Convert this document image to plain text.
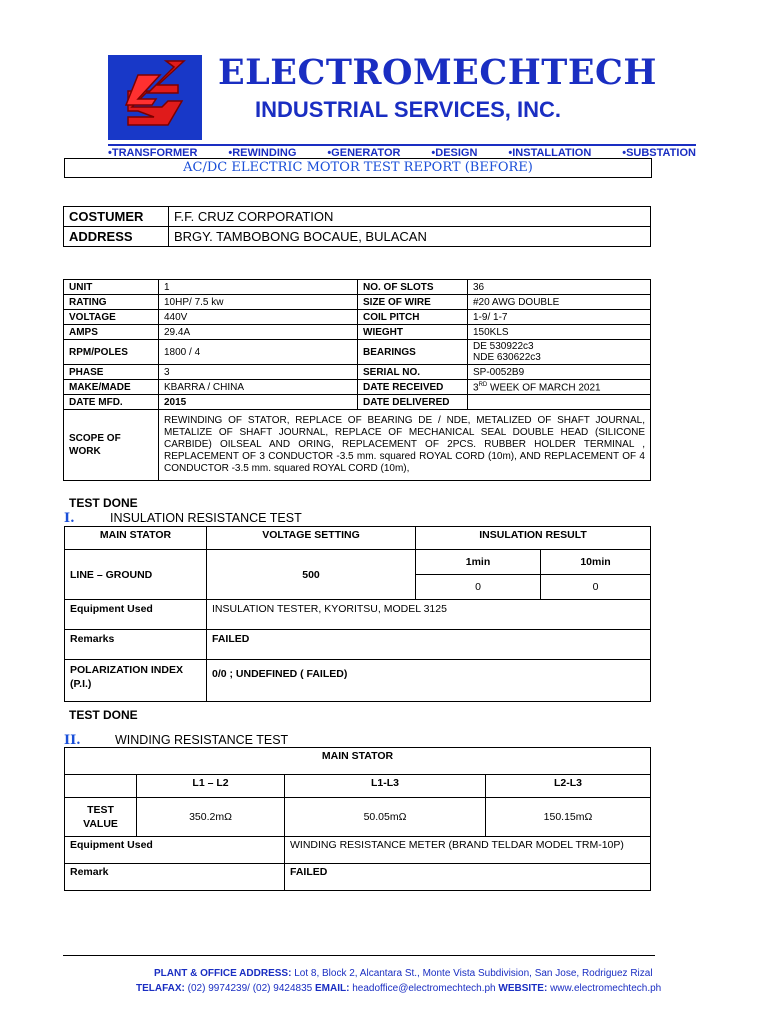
ELECTROMECHTECH
INDUSTRIAL SERVICES, INC.
•TRANSFORMER	•REWINDING	•GENERATOR	•DESIGN	•INSTALLATION	•SUBSTATION
AC/DC ELECTRIC MOTOR TEST REPORT (BEFORE)
COSTUMER	F.F. CRUZ CORPORATION
ADDRESS	BRGY. TAMBOBONG BOCAUE, BULACAN
UNIT	1	NO. OF SLOTS	36
RATING	10HP/ 7.5 kw	SIZE OF WIRE	#20 AWG DOUBLE
VOLTAGE	440V	COIL PITCH	1-9/ 1-7
AMPS	29.4A	WIEGHT	150KLS
RPM/POLES	1800 / 4	BEARINGS	DE 530922c3
NDE 630622c3

PHASE	3	SERIAL NO.	SP-0052B9
MAKE/MADE	KBARRA / CHINA	DATE RECEIVED	3RD WEEK OF MARCH 2021
DATE MFD.	2015	DATE DELIVERED	
SCOPE OF WORK	REWINDING OF STATOR, REPLACE OF BEARING DE / NDE, METALIZED OF SHAFT JOURNAL, METALIZE OF SHAFT JOURNAL, REPLACE OF MECHANICAL SEAL DOUBLE HEAD (SILICONE CARBIDE) OILSEAL AND ORING, REPLACEMENT OF 2PCS. RUBBER HOLDER TERMINAL , REPLACEMENT OF 3 CONDUCTOR -3.5 mm. squared ROYAL CORD (10m), AND REPLACEMENT OF 4 CONDUCTOR -3.5 mm. squared ROYAL CORD (10m),		
TEST DONE
I.	INSULATION RESISTANCE TEST
MAIN STATOR	VOLTAGE SETTING	INSULATION RESULT	
LINE – GROUND	500	1min	10min
		0	0
Equipment Used	INSULATION TESTER, KYORITSU, MODEL 3125		
Remarks	FAILED		
POLARIZATION INDEX (P.I.)	0/0 ; UNDEFINED ( FAILED)		
TEST DONE
II.	WINDING RESISTANCE TEST
MAIN STATOR			
	L1 – L2	L1-L3	L2-L3
TEST VALUE	350.2mΩ	50.05mΩ	150.15mΩ
Equipment Used		WINDING RESISTANCE METER (BRAND TELDAR MODEL TRM-10P)	
Remark		FAILED	
PLANT & OFFICE ADDRESS: Lot 8, Block 2, Alcantara St., Monte Vista Subdivision, San Jose, Rodriguez Rizal
TELAFAX: (02) 9974239/ (02) 9424835 EMAIL: headoffice@electromechtech.ph WEBSITE: www.electromechtech.ph
